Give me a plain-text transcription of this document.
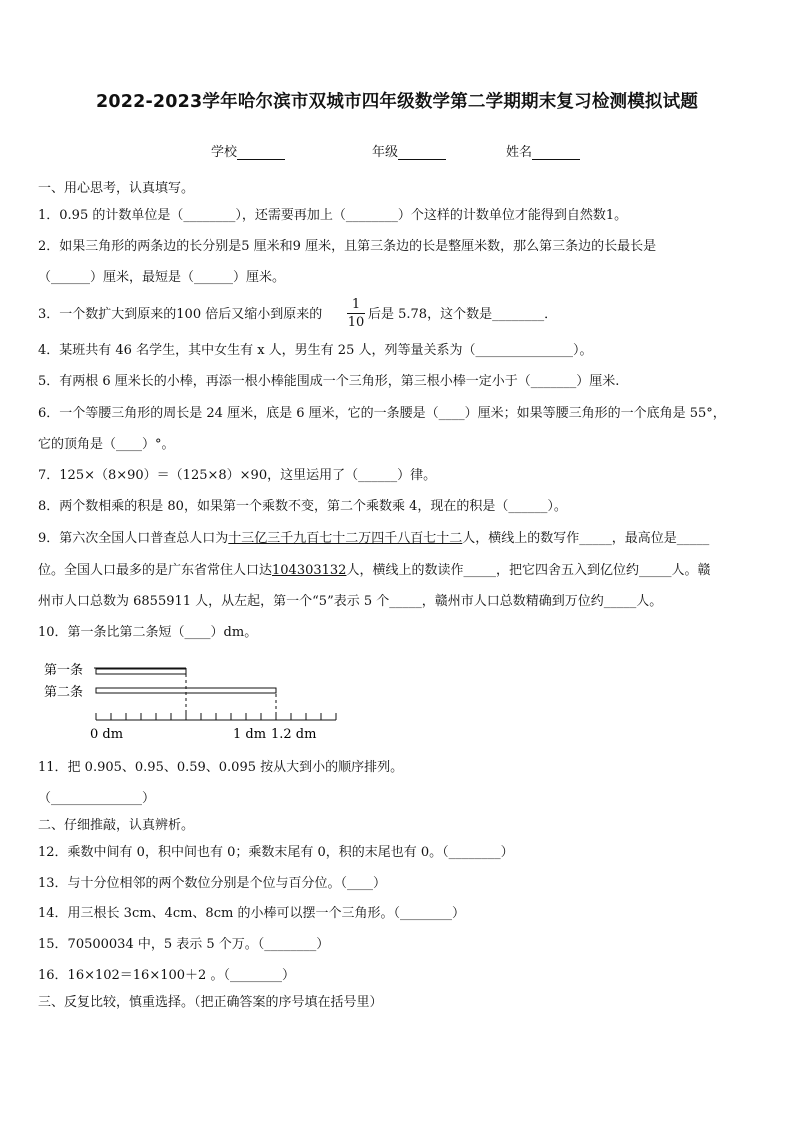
2022-2023学年哈尔滨市双城市四年级数学第二学期期末复习检测模拟试题
学校	年级	姓名
一、用心思考，认真填写。
1．0.95 的计数单位是（________），还需要再加上（________）个这样的计数单位才能得到自然数1。
2．如果三角形的两条边的长分别是5 厘米和9 厘米，且第三条边的长是整厘米数，那么第三条边的长最长是
（______）厘米，最短是（______）厘米。
3．一个数扩大到原来的100 倍后又缩小到原来的
1
10
后是 5.78，这个数是________．
4．某班共有 46 名学生，其中女生有 x 人，男生有 25 人，列等量关系为（_______________）。
5．有两根 6 厘米长的小棒，再添一根小棒能围成一个三角形，第三根小棒一定小于（_______）厘米.
6．一个等腰三角形的周长是 24 厘米，底是 6 厘米，它的一条腰是（____）厘米；如果等腰三角形的一个底角是 55°，
它的顶角是（____）°。
7．125×（8×90）＝（125×8）×90，这里运用了（______）律。
8．两个数相乘的积是 80，如果第一个乘数不变，第二个乘数乘 4，现在的积是（______）。
9．第六次全国人口普查总人口为十三亿三千九百七十二万四千八百七十二人，横线上的数写作_____，最高位是_____
位。全国人口最多的是广东省常住人口达104303132人，横线上的数读作_____，把它四舍五入到亿位约_____人。赣
州市人口总数为 6855911 人，从左起，第一个“5”表示 5 个_____，赣州市人口总数精确到万位约_____人。
10．第一条比第二条短（____）dm。
第一条
第二条
0 dm	1 dm 1.2 dm
11．把 0.905、0.95、0.59、0.095 按从大到小的顺序排列。
（______________）
二、仔细推敲，认真辨析。
12．乘数中间有 0，积中间也有 0；乘数末尾有 0，积的末尾也有 0。（________）
13．与十分位相邻的两个数位分别是个位与百分位。（____）
14．用三根长 3cm、4cm、8cm 的小棒可以摆一个三角形。（________）
15．70500034 中，5 表示 5 个万。（________）
16．16×102＝16×100＋2 。（________）
三、反复比较，慎重选择。（把正确答案的序号填在括号里）
